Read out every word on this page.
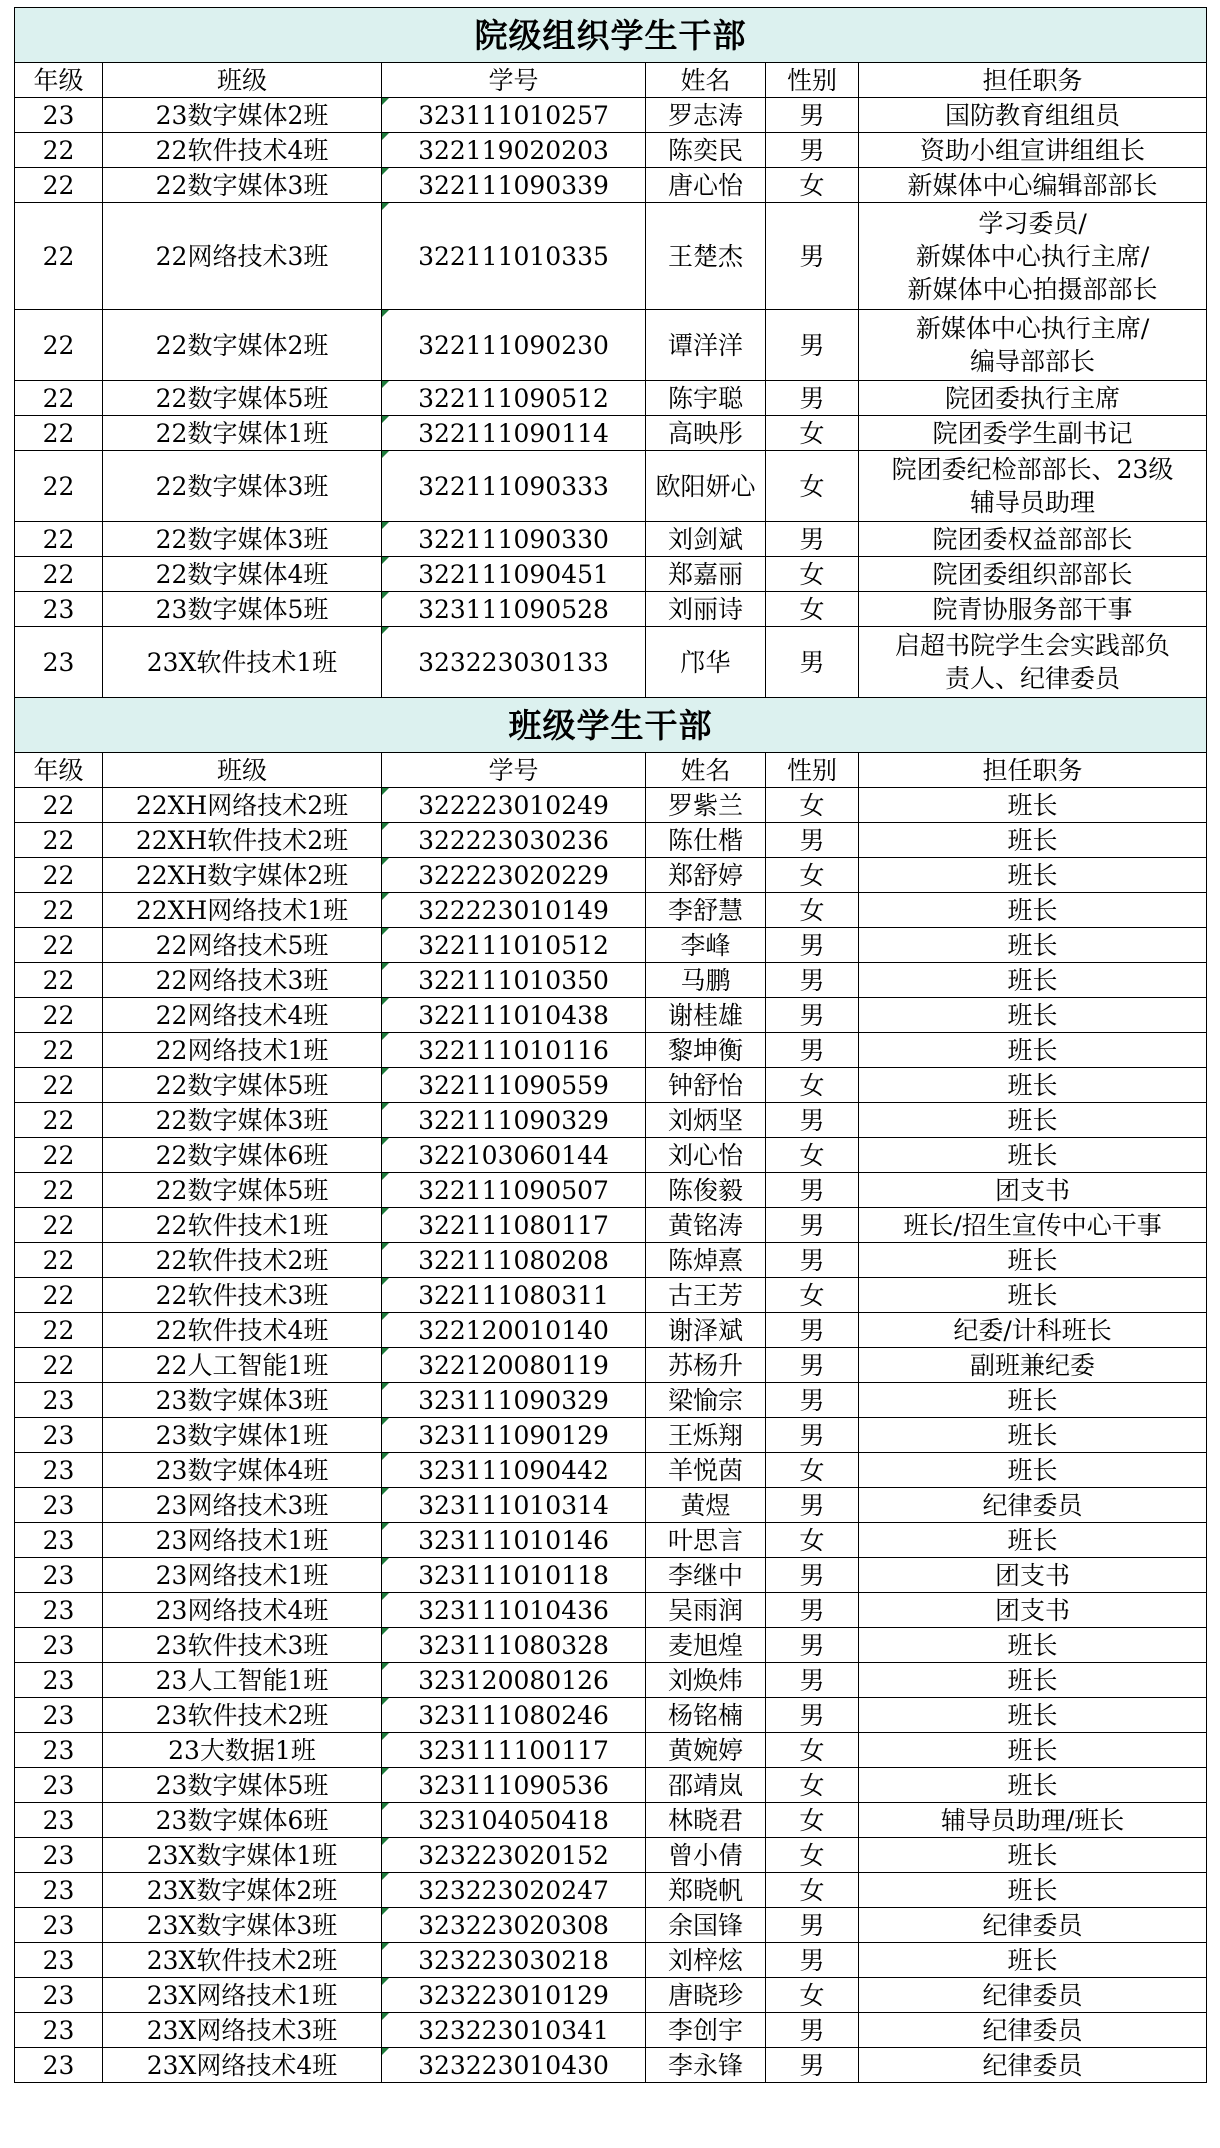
院级组织学生干部					
年级	班级	学号	姓名	性别	担任职务
23	23数字媒体2班	323111010257	罗志涛	男	国防教育组组员
22	22软件技术4班	322119020203	陈奕民	男	资助小组宣讲组组长
22	22数字媒体3班	322111090339	唐心怡	女	新媒体中心编辑部部长
22	22网络技术3班	322111010335	王楚杰	男	学习委员/
新媒体中心执行主席/
新媒体中心拍摄部部长
22	22数字媒体2班	322111090230	谭洋洋	男	新媒体中心执行主席/
编导部部长
22	22数字媒体5班	322111090512	陈宇聪	男	院团委执行主席
22	22数字媒体1班	322111090114	高映彤	女	院团委学生副书记
22	22数字媒体3班	322111090333	欧阳妍心	女	院团委纪检部部长、23级
辅导员助理
22	22数字媒体3班	322111090330	刘剑斌	男	院团委权益部部长
22	22数字媒体4班	322111090451	郑嘉丽	女	院团委组织部部长
23	23数字媒体5班	323111090528	刘丽诗	女	院青协服务部干事
23	23X软件技术1班	323223030133	邝华	男	启超书院学生会实践部负
责人、纪律委员
班级学生干部					
年级	班级	学号	姓名	性别	担任职务
22	22XH网络技术2班	322223010249	罗紫兰	女	班长
22	22XH软件技术2班	322223030236	陈仕楷	男	班长
22	22XH数字媒体2班	322223020229	郑舒婷	女	班长
22	22XH网络技术1班	322223010149	李舒慧	女	班长
22	22网络技术5班	322111010512	李峰	男	班长
22	22网络技术3班	322111010350	马鹏	男	班长
22	22网络技术4班	322111010438	谢桂雄	男	班长
22	22网络技术1班	322111010116	黎坤衡	男	班长
22	22数字媒体5班	322111090559	钟舒怡	女	班长
22	22数字媒体3班	322111090329	刘炳坚	男	班长
22	22数字媒体6班	322103060144	刘心怡	女	班长
22	22数字媒体5班	322111090507	陈俊毅	男	团支书
22	22软件技术1班	322111080117	黄铭涛	男	班长/招生宣传中心干事
22	22软件技术2班	322111080208	陈焯熹	男	班长
22	22软件技术3班	322111080311	古王芳	女	班长
22	22软件技术4班	322120010140	谢泽斌	男	纪委/计科班长
22	22人工智能1班	322120080119	苏杨升	男	副班兼纪委
23	23数字媒体3班	323111090329	梁愉宗	男	班长
23	23数字媒体1班	323111090129	王烁翔	男	班长
23	23数字媒体4班	323111090442	羊悦茵	女	班长
23	23网络技术3班	323111010314	黄煜	男	纪律委员
23	23网络技术1班	323111010146	叶思言	女	班长
23	23网络技术1班	323111010118	李继中	男	团支书
23	23网络技术4班	323111010436	吴雨润	男	团支书
23	23软件技术3班	323111080328	麦旭煌	男	班长
23	23人工智能1班	323120080126	刘焕炜	男	班长
23	23软件技术2班	323111080246	杨铭楠	男	班长
23	23大数据1班	323111100117	黄婉婷	女	班长
23	23数字媒体5班	323111090536	邵靖岚	女	班长
23	23数字媒体6班	323104050418	林晓君	女	辅导员助理/班长
23	23X数字媒体1班	323223020152	曾小倩	女	班长
23	23X数字媒体2班	323223020247	郑晓帆	女	班长
23	23X数字媒体3班	323223020308	余国锋	男	纪律委员
23	23X软件技术2班	323223030218	刘梓炫	男	班长
23	23X网络技术1班	323223010129	唐晓珍	女	纪律委员
23	23X网络技术3班	323223010341	李创宇	男	纪律委员
23	23X网络技术4班	323223010430	李永锋	男	纪律委员
